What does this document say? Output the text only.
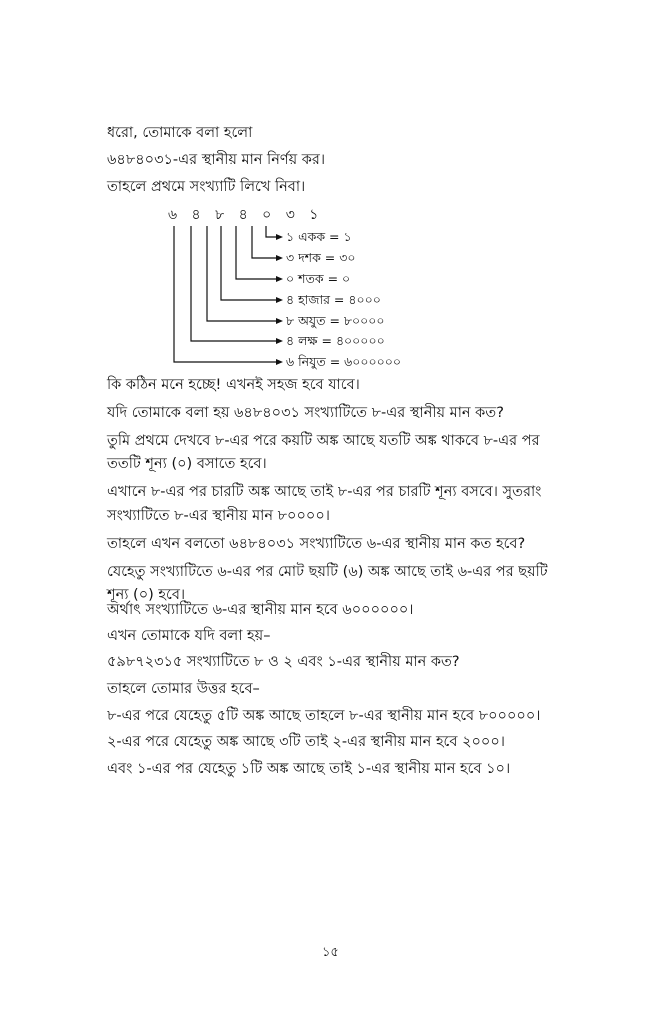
ধরো, তোমাকে বলা হলো
৬৪৮৪০৩১-এর স্থানীয় মান নির্ণয় কর।
তাহলে প্রথমে সংখ্যাটি লিখে নিবা।
৬ ৪ ৮ ৪ ০ ৩ ১
১ একক = ১
৩ দশক = ৩০
০ শতক = ০
৪ হাজার = ৪০০০
৮ অযুত = ৮০০০০
৪ লক্ষ = ৪০০০০০
৬ নিযুত = ৬০০০০০০
কি কঠিন মনে হচ্ছে! এখনই সহজ হবে যাবে।
যদি তোমাকে বলা হয় ৬৪৮৪০৩১ সংখ্যাটিতে ৮-এর স্থানীয় মান কত?
তুমি প্রথমে দেখবে ৮-এর পরে কয়টি অঙ্ক আছে যতটি অঙ্ক থাকবে ৮-এর পর
ততটি শূন্য (০) বসাতে হবে।
এখানে ৮-এর পর চারটি অঙ্ক আছে তাই ৮-এর পর চারটি শূন্য বসবে। সুতরাং
সংখ্যাটিতে ৮-এর স্থানীয় মান ৮০০০০।
তাহলে এখন বলতো ৬৪৮৪০৩১ সংখ্যাটিতে ৬-এর স্থানীয় মান কত হবে?
যেহেতু সংখ্যাটিতে ৬-এর পর মোট ছয়টি (৬) অঙ্ক আছে তাই ৬-এর পর ছয়টি
শূন্য (০) হবে।
অর্থাৎ সংখ্যাটিতে ৬-এর স্থানীয় মান হবে ৬০০০০০০।
এখন তোমাকে যদি বলা হয়–
৫৯৮৭২৩১৫ সংখ্যাটিতে ৮ ও ২ এবং ১-এর স্থানীয় মান কত?
তাহলে তোমার উত্তর হবে–
৮-এর পরে যেহেতু ৫টি অঙ্ক আছে তাহলে ৮-এর স্থানীয় মান হবে ৮০০০০০।
২-এর পরে যেহেতু অঙ্ক আছে ৩টি তাই ২-এর স্থানীয় মান হবে ২০০০।
এবং ১-এর পর যেহেতু ১টি অঙ্ক আছে তাই ১-এর স্থানীয় মান হবে ১০।
১৫
